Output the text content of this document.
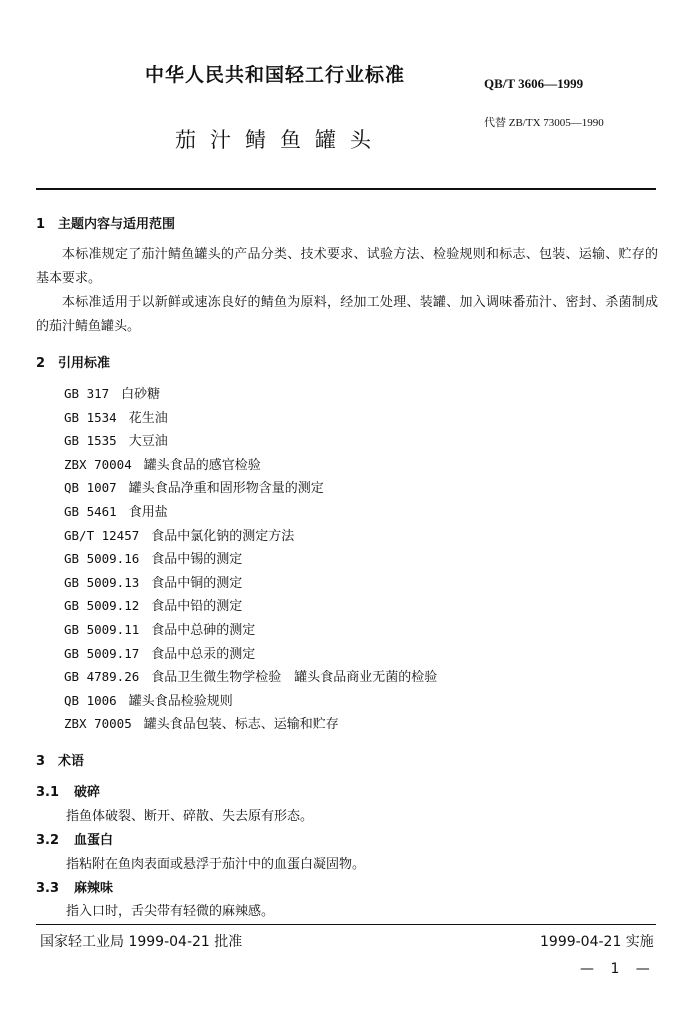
中华人民共和国轻工行业标准	QB/T 3606—1999
代替 ZB/TX 73005—1990
茄汁鲭鱼罐头
1 主题内容与适用范围
本标准规定了茄汁鲭鱼罐头的产品分类、技术要求、试验方法、检验规则和标志、包装、运输、贮存的基本要求。
本标准适用于以新鲜或速冻良好的鲭鱼为原料，经加工处理、装罐、加入调味番茄汁、密封、杀菌制成的茄汁鲭鱼罐头。
2 引用标准
GB 317 白砂糖
GB 1534 花生油
GB 1535 大豆油
ZBX 70004 罐头食品的感官检验
QB 1007 罐头食品净重和固形物含量的测定
GB 5461 食用盐
GB/T 12457 食品中氯化钠的测定方法
GB 5009.16 食品中锡的测定
GB 5009.13 食品中铜的测定
GB 5009.12 食品中铅的测定
GB 5009.11 食品中总砷的测定
GB 5009.17 食品中总汞的测定
GB 4789.26 食品卫生微生物学检验　罐头食品商业无菌的检验
QB 1006 罐头食品检验规则
ZBX 70005 罐头食品包装、标志、运输和贮存
3 术语
3.1 破碎
指鱼体破裂、断开、碎散、失去原有形态。
3.2 血蛋白
指粘附在鱼肉表面或悬浮于茄汁中的血蛋白凝固物。
3.3 麻辣味
指入口时，舌尖带有轻微的麻辣感。
国家轻工业局 1999-04-21 批准	1999-04-21 实施
— 1 —
